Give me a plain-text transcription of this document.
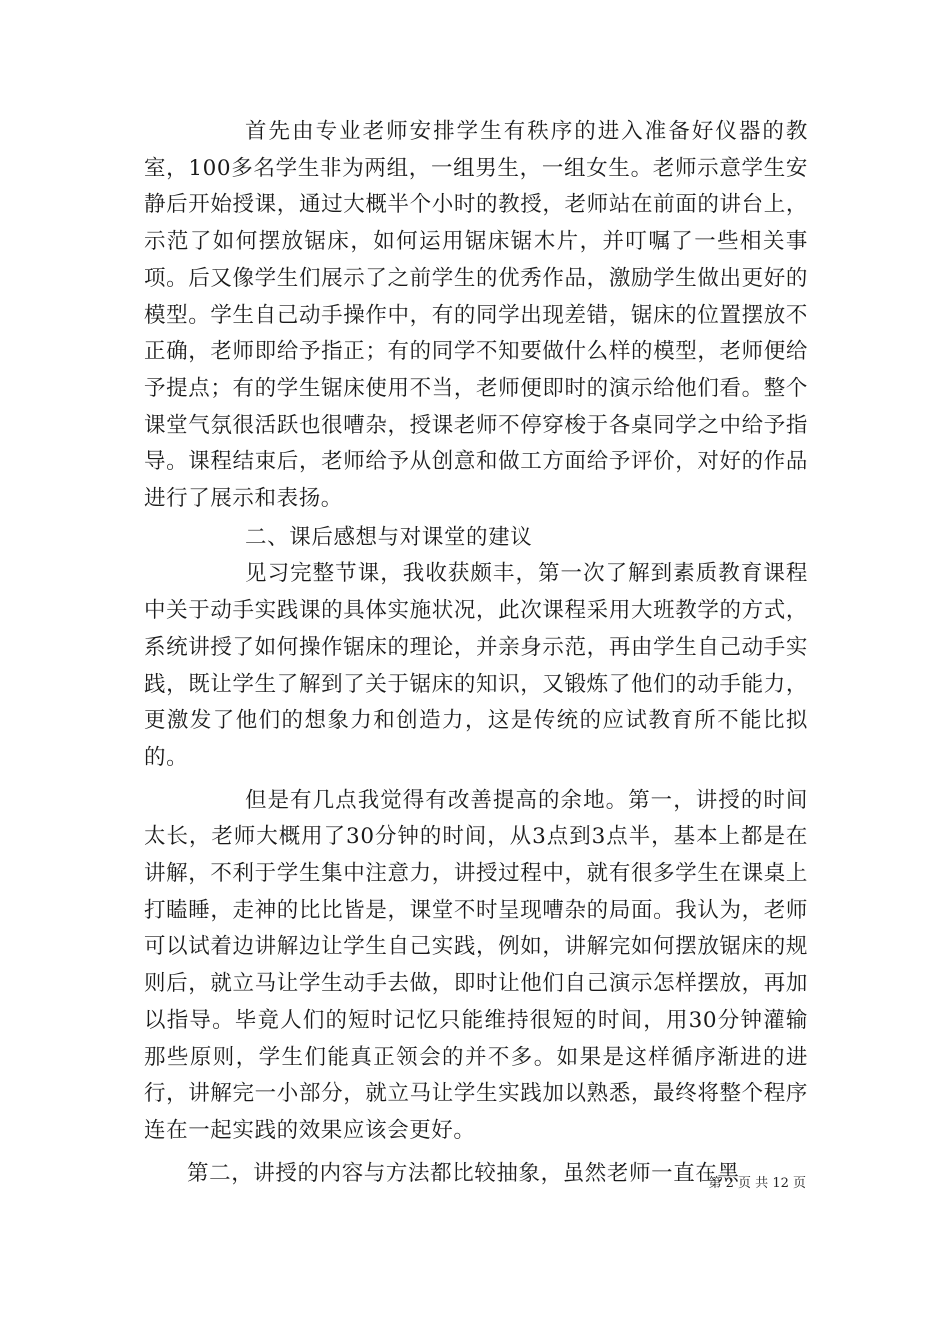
首先由专业老师安排学生有秩序的进入准备好仪器的教室，100多名学生非为两组，一组男生，一组女生。老师示意学生安静后开始授课，通过大概半个小时的教授，老师站在前面的讲台上，示范了如何摆放锯床，如何运用锯床锯木片，并叮嘱了一些相关事项。后又像学生们展示了之前学生的优秀作品，激励学生做出更好的模型。学生自己动手操作中，有的同学出现差错，锯床的位置摆放不正确，老师即给予指正；有的同学不知要做什么样的模型，老师便给予提点；有的学生锯床使用不当，老师便即时的演示给他们看。整个课堂气氛很活跃也很嘈杂，授课老师不停穿梭于各桌同学之中给予指导。课程结束后，老师给予从创意和做工方面给予评价，对好的作品进行了展示和表扬。

二、课后感想与对课堂的建议

见习完整节课，我收获颇丰，第一次了解到素质教育课程中关于动手实践课的具体实施状况，此次课程采用大班教学的方式，系统讲授了如何操作锯床的理论，并亲身示范，再由学生自己动手实践，既让学生了解到了关于锯床的知识，又锻炼了他们的动手能力，更激发了他们的想象力和创造力，这是传统的应试教育所不能比拟的。

但是有几点我觉得有改善提高的余地。第一，讲授的时间太长，老师大概用了30分钟的时间，从3点到3点半，基本上都是在讲解，不利于学生集中注意力，讲授过程中，就有很多学生在课桌上打瞌睡，走神的比比皆是，课堂不时呈现嘈杂的局面。我认为，老师可以试着边讲解边让学生自己实践，例如，讲解完如何摆放锯床的规则后，就立马让学生动手去做，即时让他们自己演示怎样摆放，再加以指导。毕竟人们的短时记忆只能维持很短的时间，用30分钟灌输那些原则，学生们能真正领会的并不多。如果是这样循序渐进的进行，讲解完一小部分，就立马让学生实践加以熟悉，最终将整个程序连在一起实践的效果应该会更好。

第二，讲授的内容与方法都比较抽象，虽然老师一直在黑

第 2 页 共 12 页
